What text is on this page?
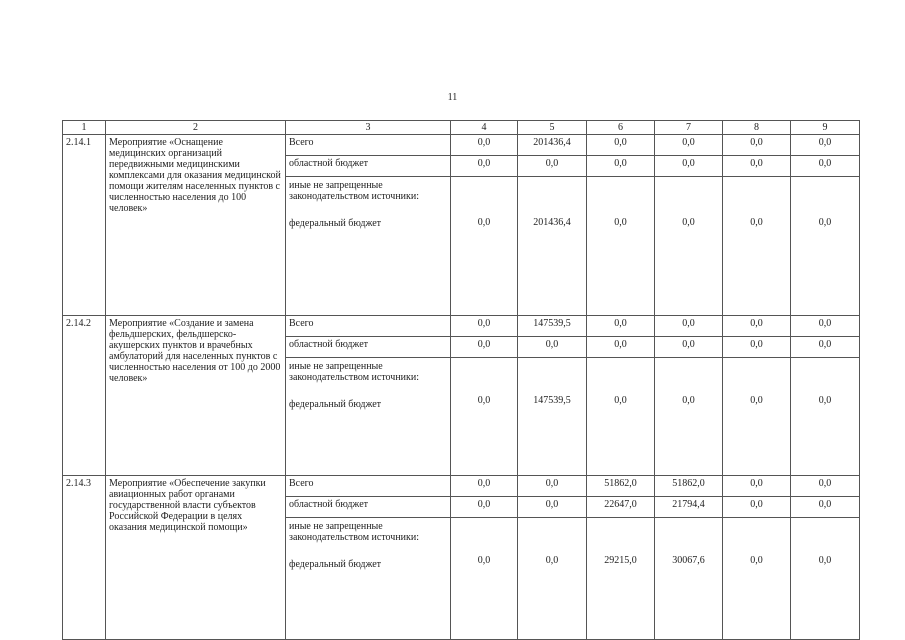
11
1	2	3	4	5	6	7	8	9
2.14.1	Мероприятие «Оснащение медицинских организаций передвижными медицинскими комплексами для оказания медицинской помощи жителям населенных пунктов с численностью населения до 100 человек»	Всего	0,0	201436,4	0,0	0,0	0,0	0,0
		областной бюджет	0,0	0,0	0,0	0,0	0,0	0,0

		иные не запрещенные законодательством источники:
федеральный бюджет	0,0	201436,4	0,0	0,0	0,0	0,0
2.14.2	Мероприятие «Создание и замена фельдшерских, фельдшерско-акушерских пунктов и врачебных амбулаторий для населенных пунктов с численностью населения от 100 до 2000 человек»	Всего	0,0	147539,5	0,0	0,0	0,0	0,0
		областной бюджет	0,0	0,0	0,0	0,0	0,0	0,0

		иные не запрещенные законодательством источники:
федеральный бюджет	0,0	147539,5	0,0	0,0	0,0	0,0
2.14.3	Мероприятие «Обеспечение закупки авиационных работ органами государственной власти субъектов Российской Федерации в целях оказания медицинской помощи»	Всего	0,0	0,0	51862,0	51862,0	0,0	0,0
		областной бюджет	0,0	0,0	22647,0	21794,4	0,0	0,0

		иные не запрещенные законодательством источники:
федеральный бюджет	0,0	0,0	29215,0	30067,6	0,0	0,0
